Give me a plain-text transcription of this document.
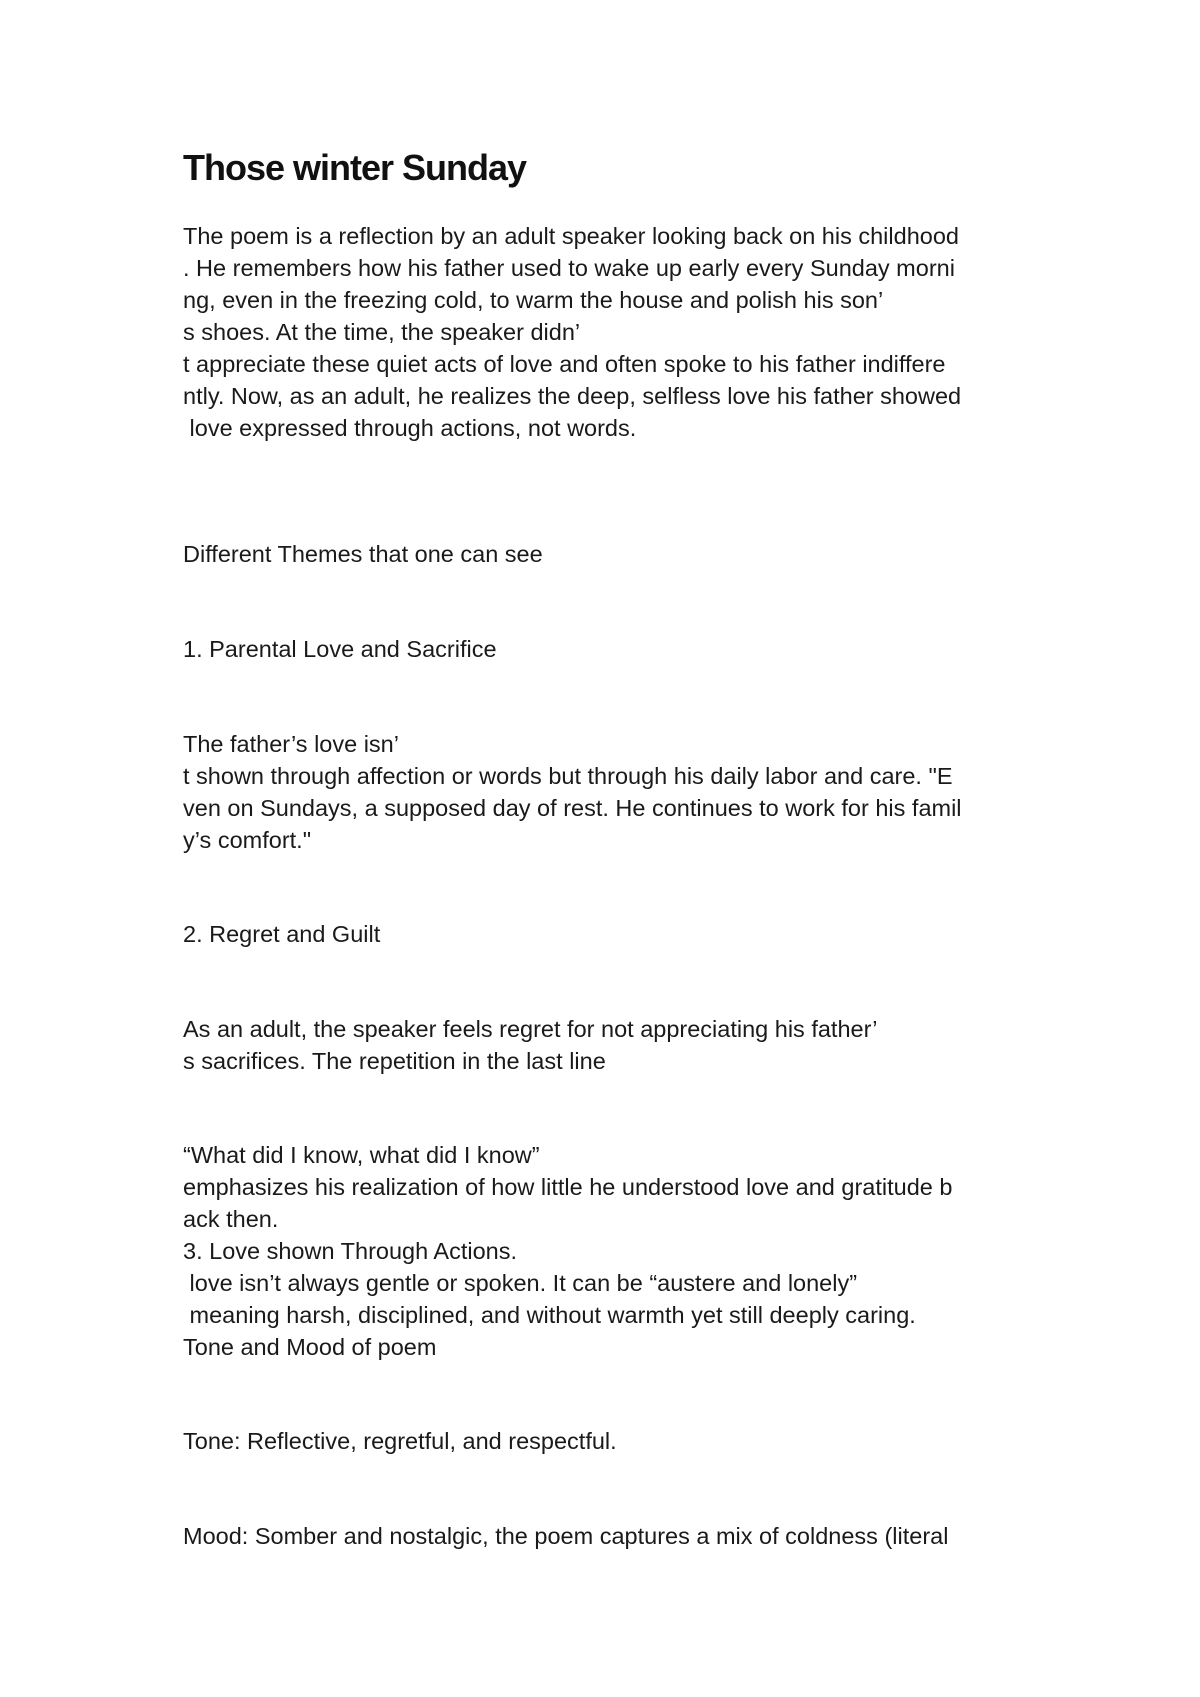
Those winter Sunday
The poem is a reflection by an adult speaker looking back on his childhood
. He remembers how his father used to wake up early every Sunday morni
ng, even in the freezing cold, to warm the house and polish his son’
s shoes. At the time, the speaker didn’
t appreciate these quiet acts of love and often spoke to his father indiffere
ntly. Now, as an adult, he realizes the deep, selfless love his father showed
love expressed through actions, not words.
Different Themes that one can see
1. Parental Love and Sacrifice
The father’s love isn’
t shown through affection or words but through his daily labor and care. "E
ven on Sundays, a supposed day of rest. He continues to work for his famil
y’s comfort."
2. Regret and Guilt
As an adult, the speaker feels regret for not appreciating his father’
s sacrifices. The repetition in the last line
“What did I know, what did I know”
emphasizes his realization of how little he understood love and gratitude b
ack then.
3. Love shown Through Actions.
love isn’t always gentle or spoken. It can be “austere and lonely”
meaning harsh, disciplined, and without warmth yet still deeply caring.
Tone and Mood of poem
Tone: Reflective, regretful, and respectful.
Mood: Somber and nostalgic, the poem captures a mix of coldness (literal
